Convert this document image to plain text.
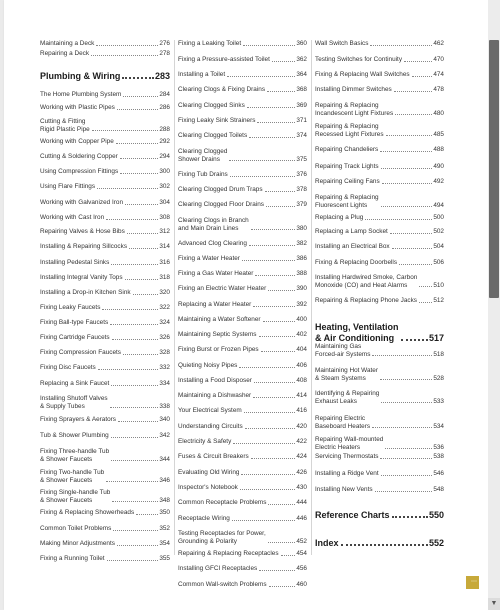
Maintaining a Deck	276
Repairing a Deck	278
Plumbing & Wiring	283
The Home Plumbing System	284
Working with Plastic Pipes	286
Cutting & Fitting
Rigid Plastic Pipe	288
Working with Copper Pipe	292
Cutting & Soldering Copper	294
Using Compression Fittings	300
Using Flare Fittings	302
Working with Galvanized Iron	304
Working with Cast Iron	308
Repairing Valves & Hose Bibs	312
Installing & Repairing Sillcocks	314
Installing Pedestal Sinks	316
Installing Integral Vanity Tops	318
Installing a Drop-in Kitchen Sink	320
Fixing Leaky Faucets	322
Fixing Ball-type Faucets	324
Fixing Cartridge Faucets	326
Fixing Compression Faucets	328
Fixing Disc Faucets	332
Replacing a Sink Faucet	334
Installing Shutoff Valves
& Supply Tubes	338
Fixing Sprayers & Aerators	340
Tub & Shower Plumbing	342
Fixing Three-handle Tub
& Shower Faucets	344
Fixing Two-handle Tub
& Shower Faucets	346
Fixing Single-handle Tub
& Shower Faucets	348
Fixing & Replacing Showerheads	350
Common Toilet Problems	352
Making Minor Adjustments	354
Fixing a Running Toilet	355
Fixing a Leaking Toilet	360
Fixing a Pressure-assisted Toilet	362
Installing a Toilet	364
Clearing Clogs & Fixing Drains	368
Clearing Clogged Sinks	369
Fixing Leaky Sink Strainers	371
Clearing Clogged Toilets	374
Clearing Clogged
Shower Drains	375
Fixing Tub Drains	376
Clearing Clogged Drum Traps	378
Clearing Clogged Floor Drains	379
Clearing Clogs in Branch
and Main Drain Lines	380
Advanced Clog Clearing	382
Fixing a Water Heater	386
Fixing a Gas Water Heater	388
Fixing an Electric Water Heater	390
Replacing a Water Heater	392
Maintaining a Water Softener	400
Maintaining Septic Systems	402
Fixing Burst or Frozen Pipes	404
Quieting Noisy Pipes	406
Installing a Food Disposer	408
Maintaining a Dishwasher	414
Your Electrical System	416
Understanding Circuits	420
Electricity & Safety	422
Fuses & Circuit Breakers	424
Evaluating Old Wiring	426
Inspector's Notebook	430
Common Receptacle Problems	444
Receptacle Wiring	446
Testing Receptacles for Power,
Grounding & Polarity	452
Repairing & Replacing Receptacles	454
Installing GFCI Receptacles	456
Common Wall-switch Problems	460
Wall Switch Basics	462
Testing Switches for Continuity	470
Fixing & Replacing Wall Switches	474
Installing Dimmer Switches	478
Repairing & Replacing
Incandescent Light Fixtures	480
Repairing & Replacing
Recessed Light Fixtures	485
Repairing Chandeliers	488
Repairing Track Lights	490
Repairing Ceiling Fans	492
Repairing & Replacing
Fluorescent Lights	494
Replacing a Plug	500
Replacing a Lamp Socket	502
Installing an Electrical Box	504
Fixing & Replacing Doorbells	506
Installing Hardwired Smoke, Carbon
Monoxide (CO) and Heat Alarms	510
Repairing & Replacing Phone Jacks	512
Heating, Ventilation
& Air Conditioning	517
Maintaining Gas
Forced-air Systems	518
Maintaining Hot Water
& Steam Systems	528
Identifying & Repairing
Exhaust Leaks	533
Repairing Electric
Baseboard Heaters	534
Repairing Wall-mounted
Electric Heaters	536
Servicing Thermostats	538
Installing a Ridge Vent	546
Installing New Vents	548
Reference Charts	550
Index	552
▼
⋯
